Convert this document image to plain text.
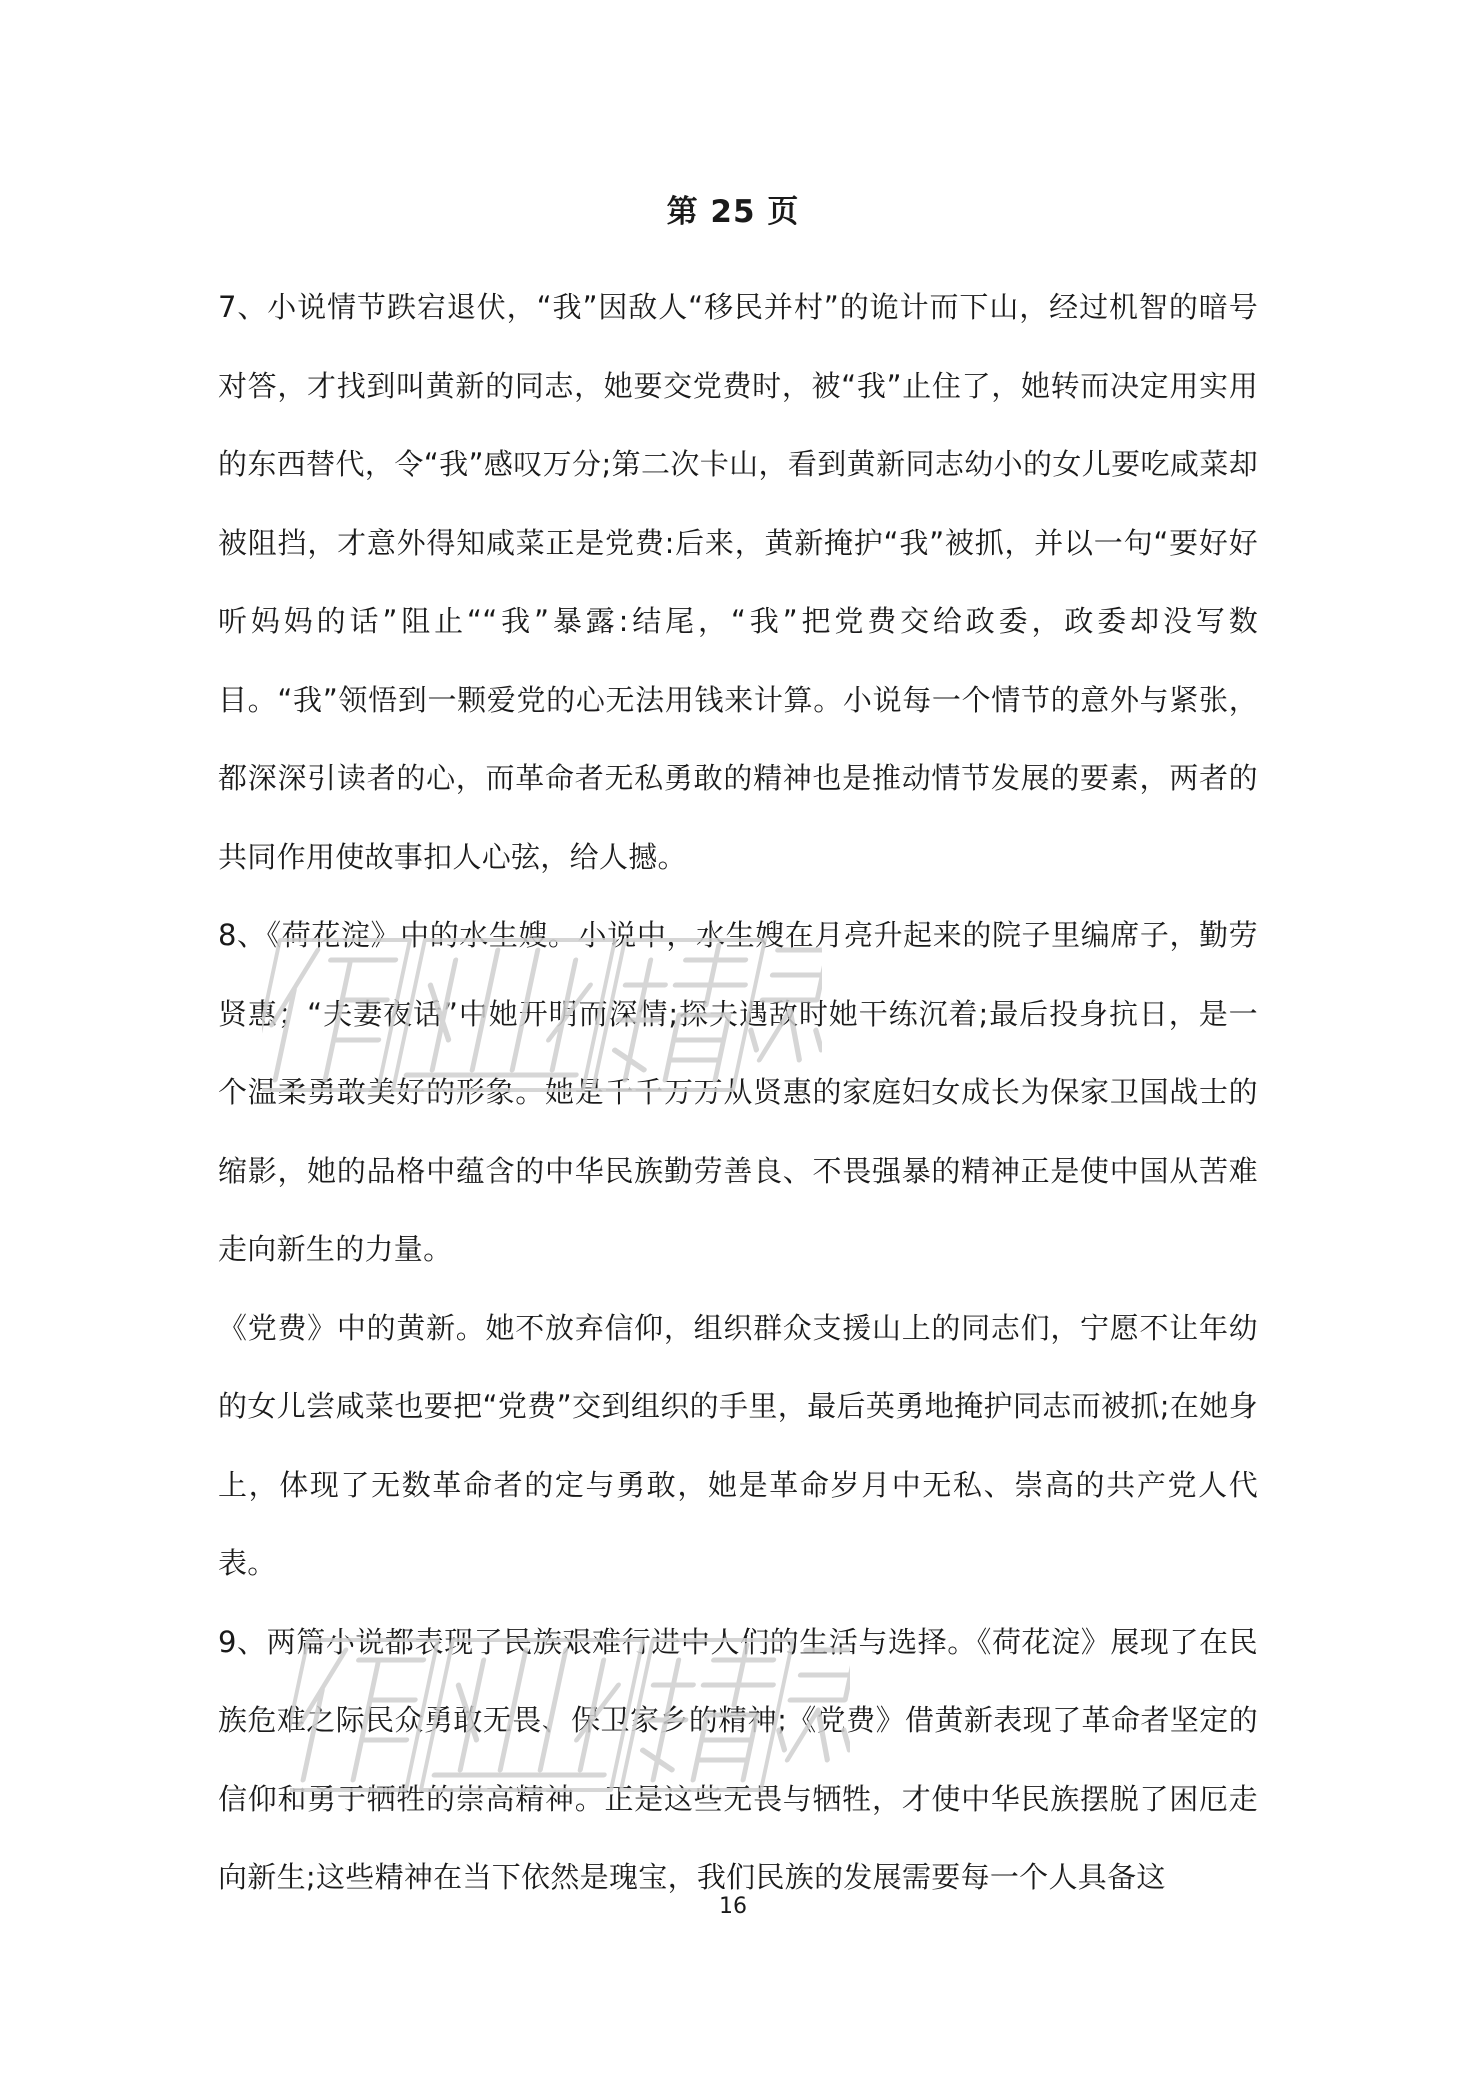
第 25 页

7、小说情节跌宕退伏，“我”因敌人“移民并村”的诡计而下山，经过机智的暗号对答，才找到叫黄新的同志，她要交党费时，被“我”止住了，她转而决定用实用的东西替代，令“我”感叹万分;第二次卡山，看到黄新同志幼小的女儿要吃咸菜却被阻挡，才意外得知咸菜正是党费:后来，黄新掩护“我”被抓，并以一句“要好好听妈妈的话”阻止““我”暴露:结尾，“我”把党费交给政委，政委却没写数目。“我”领悟到一颗爱党的心无法用钱来计算。小说每一个情节的意外与紧张，都深深引读者的心，而革命者无私勇敢的精神也是推动情节发展的要素，两者的共同作用使故事扣人心弦，给人撼。

8、《荷花淀》中的水生嫂。小说中，水生嫂在月亮升起来的院子里编席子，勤劳贤惠；“夫妻夜话”中她开明而深情;探夫遇敌时她干练沉着;最后投身抗日，是一个温柔勇敢美好的形象。她是千千万万从贤惠的家庭妇女成长为保家卫国战士的缩影，她的品格中蕴含的中华民族勤劳善良、不畏强暴的精神正是使中国从苦难走向新生的力量。

《党费》中的黄新。她不放弃信仰，组织群众支援山上的同志们，宁愿不让年幼的女儿尝咸菜也要把“党费”交到组织的手里，最后英勇地掩护同志而被抓;在她身上，体现了无数革命者的定与勇敢，她是革命岁月中无私、崇高的共产党人代表。

9、两篇小说都表现了民族艰难行进中人们的生活与选择。《荷花淀》展现了在民族危难之际民众勇敢无畏、保卫家乡的精神;《党费》借黄新表现了革命者坚定的信仰和勇于牺牲的崇高精神。正是这些无畏与牺牲，才使中华民族摆脱了困厄走向新生;这些精神在当下依然是瑰宝，我们民族的发展需要每一个人具备这

16
